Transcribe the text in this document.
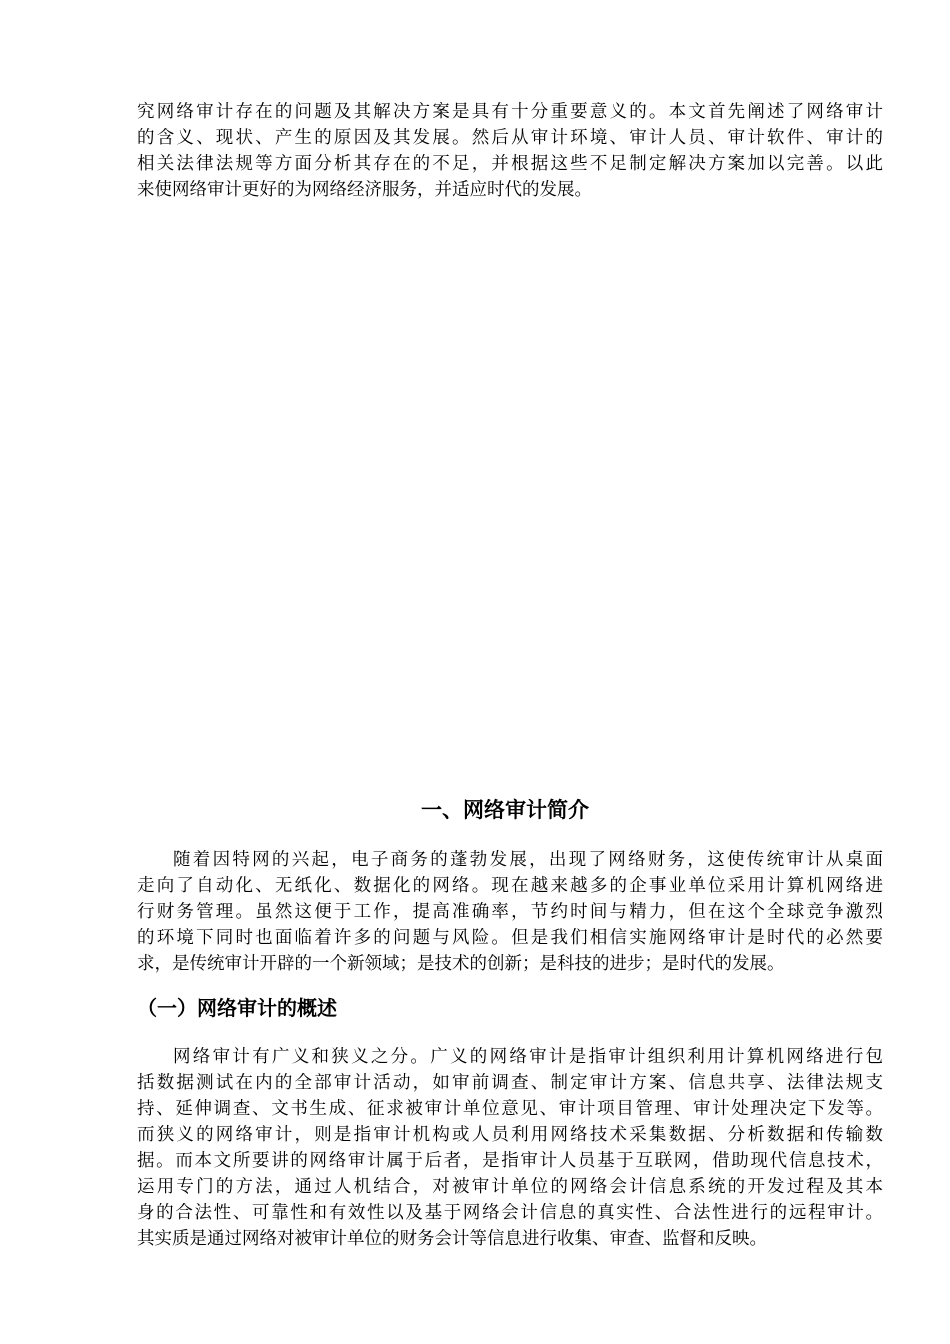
究网络审计存在的问题及其解决方案是具有十分重要意义的。本文首先阐述了网络审计
的含义、现状、产生的原因及其发展。然后从审计环境、审计人员、审计软件、审计的
相关法律法规等方面分析其存在的不足，并根据这些不足制定解决方案加以完善。以此
来使网络审计更好的为网络经济服务，并适应时代的发展。
一、网络审计简介
随着因特网的兴起，电子商务的蓬勃发展，出现了网络财务，这使传统审计从桌面
走向了自动化、无纸化、数据化的网络。现在越来越多的企事业单位采用计算机网络进
行财务管理。虽然这便于工作，提高准确率，节约时间与精力，但在这个全球竞争激烈
的环境下同时也面临着许多的问题与风险。但是我们相信实施网络审计是时代的必然要
求，是传统审计开辟的一个新领域；是技术的创新；是科技的进步；是时代的发展。
（一）网络审计的概述
网络审计有广义和狭义之分。广义的网络审计是指审计组织利用计算机网络进行包
括数据测试在内的全部审计活动，如审前调查、制定审计方案、信息共享、法律法规支
持、延伸调查、文书生成、征求被审计单位意见、审计项目管理、审计处理决定下发等。
而狭义的网络审计，则是指审计机构或人员利用网络技术采集数据、分析数据和传输数
据。而本文所要讲的网络审计属于后者，是指审计人员基于互联网，借助现代信息技术，
运用专门的方法，通过人机结合，对被审计单位的网络会计信息系统的开发过程及其本
身的合法性、可靠性和有效性以及基于网络会计信息的真实性、合法性进行的远程审计。
其实质是通过网络对被审计单位的财务会计等信息进行收集、审查、监督和反映。
